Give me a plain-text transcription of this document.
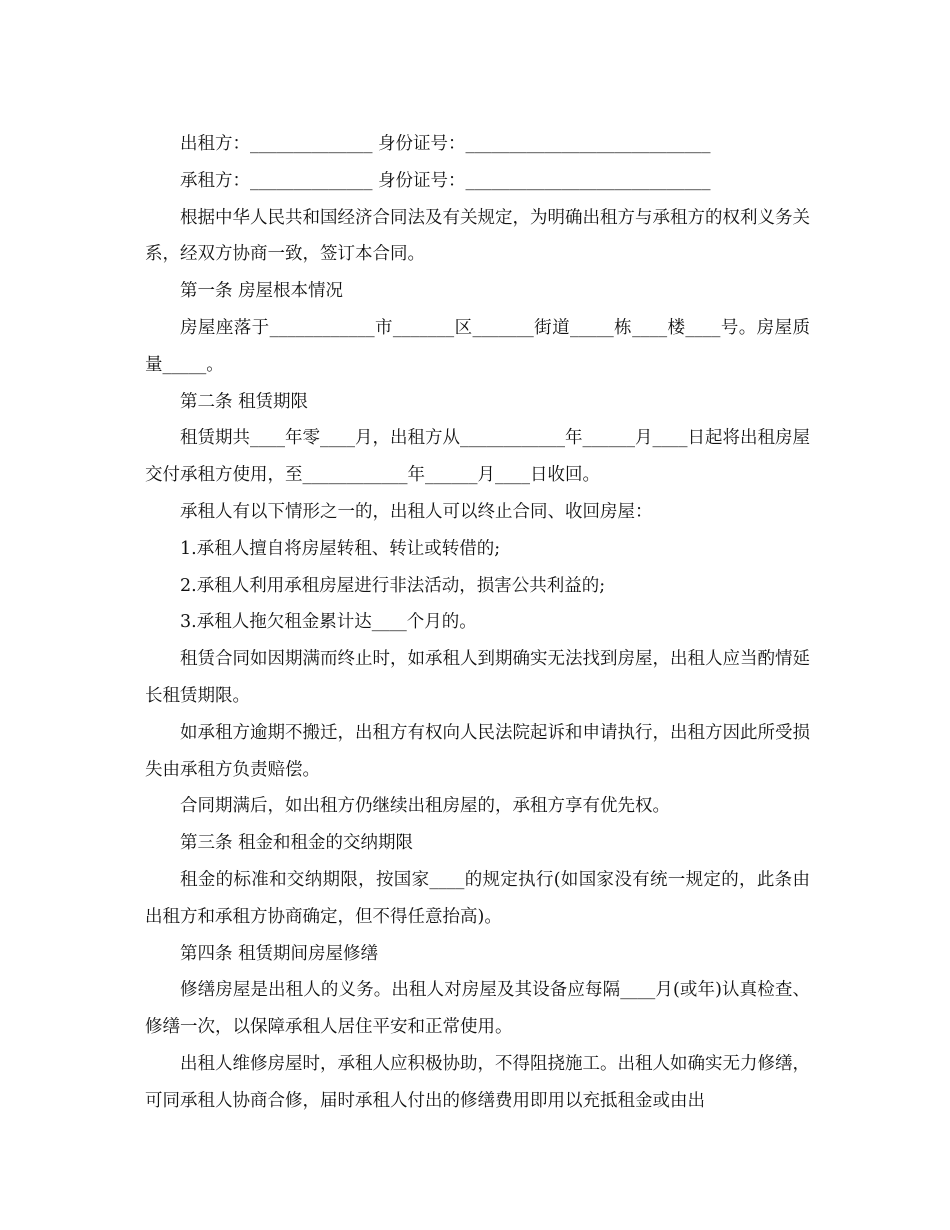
出租方：______________ 身份证号：____________________________

承租方：______________ 身份证号：____________________________

根据中华人民共和国经济合同法及有关规定，为明确出租方与承租方的权利义务关系，经双方协商一致，签订本合同。

第一条 房屋根本情况

房屋座落于____________市_______区_______街道_____栋____楼____号。房屋质量_____。

第二条 租赁期限

租赁期共____年零____月，出租方从____________年______月____日起将出租房屋交付承租方使用，至____________年______月____日收回。

承租人有以下情形之一的，出租人可以终止合同、收回房屋：

1.承租人擅自将房屋转租、转让或转借的;

2.承租人利用承租房屋进行非法活动，损害公共利益的;

3.承租人拖欠租金累计达____个月的。

租赁合同如因期满而终止时，如承租人到期确实无法找到房屋，出租人应当酌情延长租赁期限。

如承租方逾期不搬迁，出租方有权向人民法院起诉和申请执行，出租方因此所受损失由承租方负责赔偿。

合同期满后，如出租方仍继续出租房屋的，承租方享有优先权。

第三条 租金和租金的交纳期限

租金的标准和交纳期限，按国家____的规定执行(如国家没有统一规定的，此条由出租方和承租方协商确定，但不得任意抬高)。

第四条 租赁期间房屋修缮

修缮房屋是出租人的义务。出租人对房屋及其设备应每隔____月(或年)认真检查、修缮一次，以保障承租人居住平安和正常使用。

出租人维修房屋时，承租人应积极协助，不得阻挠施工。出租人如确实无力修缮，可同承租人协商合修，届时承租人付出的修缮费用即用以充抵租金或由出
